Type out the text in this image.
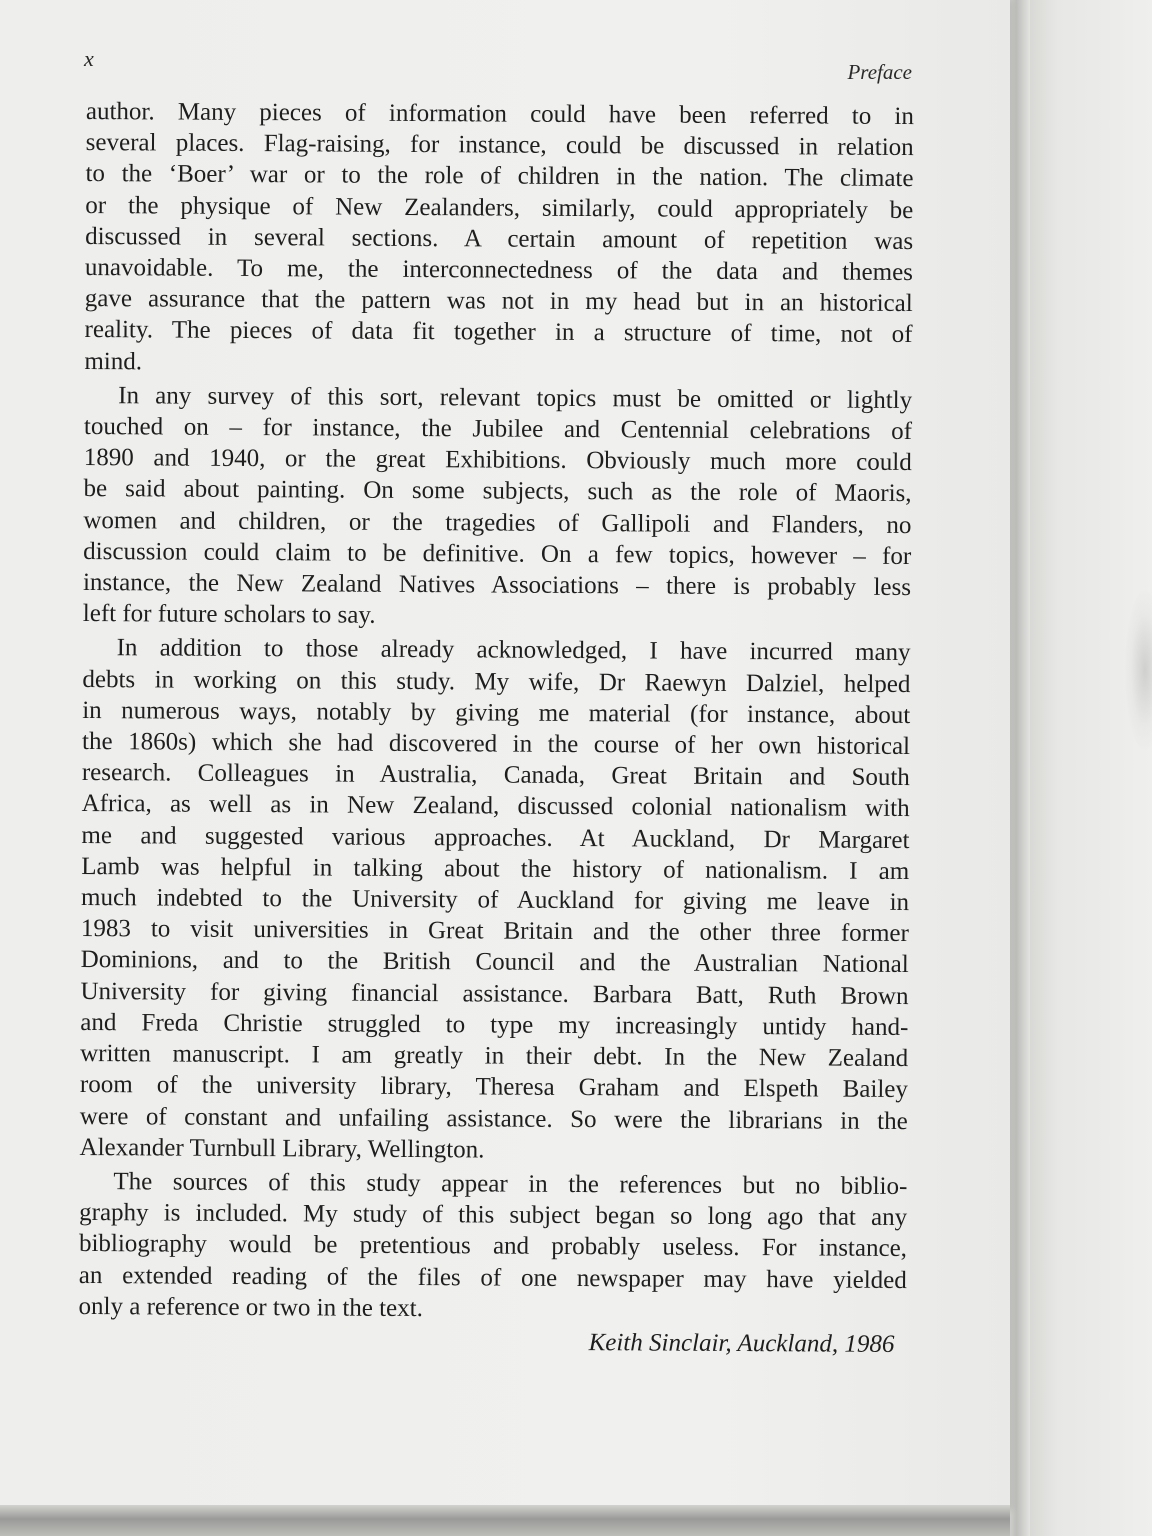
x
Preface
author. Many pieces of information could have been referred to in
several places. Flag-raising, for instance, could be discussed in relation
to the ‘Boer’ war or to the role of children in the nation. The climate
or the physique of New Zealanders, similarly, could appropriately be
discussed in several sections. A certain amount of repetition was
unavoidable. To me, the interconnectedness of the data and themes
gave assurance that the pattern was not in my head but in an historical
reality. The pieces of data fit together in a structure of time, not of
mind.
In any survey of this sort, relevant topics must be omitted or lightly
touched on – for instance, the Jubilee and Centennial celebrations of
1890 and 1940, or the great Exhibitions. Obviously much more could
be said about painting. On some subjects, such as the role of Maoris,
women and children, or the tragedies of Gallipoli and Flanders, no
discussion could claim to be definitive. On a few topics, however – for
instance, the New Zealand Natives Associations – there is probably less
left for future scholars to say.
In addition to those already acknowledged, I have incurred many
debts in working on this study. My wife, Dr Raewyn Dalziel, helped
in numerous ways, notably by giving me material (for instance, about
the 1860s) which she had discovered in the course of her own historical
research. Colleagues in Australia, Canada, Great Britain and South
Africa, as well as in New Zealand, discussed colonial nationalism with
me and suggested various approaches. At Auckland, Dr Margaret
Lamb was helpful in talking about the history of nationalism. I am
much indebted to the University of Auckland for giving me leave in
1983 to visit universities in Great Britain and the other three former
Dominions, and to the British Council and the Australian National
University for giving financial assistance. Barbara Batt, Ruth Brown
and Freda Christie struggled to type my increasingly untidy hand-
written manuscript. I am greatly in their debt. In the New Zealand
room of the university library, Theresa Graham and Elspeth Bailey
were of constant and unfailing assistance. So were the librarians in the
Alexander Turnbull Library, Wellington.
The sources of this study appear in the references but no biblio-
graphy is included. My study of this subject began so long ago that any
bibliography would be pretentious and probably useless. For instance,
an extended reading of the files of one newspaper may have yielded
only a reference or two in the text.
Keith Sinclair, Auckland, 1986
